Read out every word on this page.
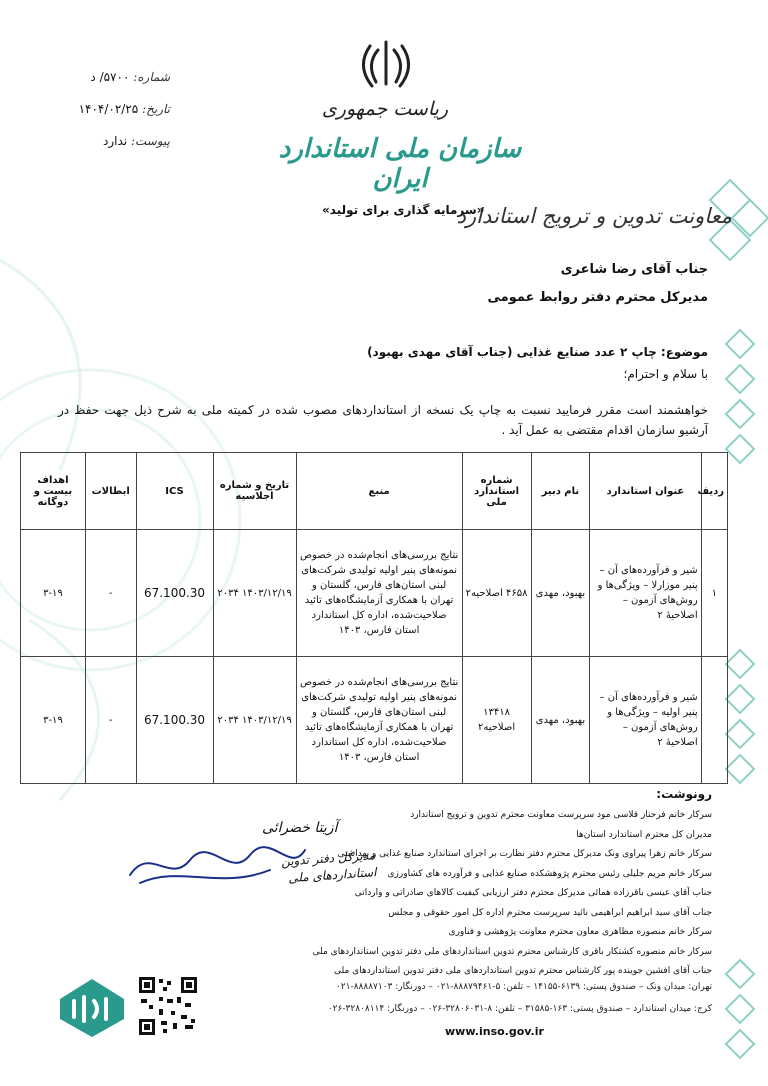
شماره: ۵۷۰۰/ د
تاریخ: ۱۴۰۴/۰۲/۲۵
پیوست: ندارد
ریاست جمهوری
سازمان ملی استاندارد ایران
معاونت تدوین و ترویج استاندارد
«سرمایه گذاری برای تولید»
جناب آقای رضا شاعری
مدیرکل محترم دفتر روابط عمومی
موضوع: چاپ ۲ عدد صنایع غذایی (جناب آقای مهدی بهبود)
با سلام و احترام؛
خواهشمند است مقرر فرمایید نسبت به چاپ یک نسخه از استانداردهای مصوب شده در کمیته ملی به شرح ذیل جهت حفظ در آرشیو سازمان اقدام مقتضی به عمل آید .
ردیف	عنوان استاندارد	نام دبیر	شماره استاندارد ملی	منبع	تاریخ و شماره اجلاسیه	ICS	ابطالات	اهداف بیست و دوگانه
۱	شیر و فرآورده‌های آن – پنیر موزارلا – ویژگی‌ها و روش‌های آزمون – اصلاحیهٔ ۲	بهبود، مهدی	۴۶۵۸ اصلاحیه۲	نتایج بررسی‌های انجام‌شده در خصوص نمونه‌های پنیر اولیه تولیدی شرکت‌های لبنی استان‌های فارس، گلستان و تهران با همکاری آزمایشگاه‌های تائید صلاحیت‌شده، اداره کل استاندارد استان فارس، ۱۴۰۳	۱۴۰۳/۱۲/۱۹ ۲۰۳۴	67.100.30	-	۳-۱۹
	شیر و فرآورده‌های آن – پنیر اولیه – ویژگی‌ها و روش‌های آزمون – اصلاحیهٔ ۲	بهبود، مهدی	۱۳۴۱۸ اصلاحیه۲	نتایج بررسی‌های انجام‌شده در خصوص نمونه‌های پنیر اولیه تولیدی شرکت‌های لبنی استان‌های فارس، گلستان و تهران با همکاری آزمایشگاه‌های تائید صلاحیت‌شده، اداره کل استاندارد استان فارس، ۱۴۰۳	۱۴۰۳/۱۲/۱۹ ۲۰۳۴	67.100.30	-	۳-۱۹
رونوشت:
سرکار خانم فرحناز قلاسی مود سرپرست معاونت محترم تدوین و ترویج استاندارد
مدیران کل محترم استاندارد استان‌ها
سرکار خانم زهرا پیراوی ونک مدیرکل محترم دفتر نظارت بر اجرای استاندارد صنایع غذایی و بهداشتی
سرکار خانم مریم جلیلی رئیس محترم پژوهشکده صنایع غذایی و فرآورده های کشاورزی
جناب آقای عیسی باقرزاده همائی مدیرکل محترم دفتر ارزیابی کیفیت کالاهای صادراتی و وارداتی
جناب آقای سید ابراهیم ابراهیمی نائید سرپرست محترم اداره کل امور حقوقی و مجلس
سرکار خانم منصوره مظاهری معاون محترم معاونت پژوهشی و فناوری
سرکار خانم منصوره کشتکار باقری کارشناس محترم تدوین استانداردهای ملی دفتر تدوین استانداردهای ملی
جناب آقای افشین جوینده پور کارشناس محترم تدوین استانداردهای ملی دفتر تدوین استانداردهای ملی
آزیتا خضرائی
مدیرکل دفتر تدوین استانداردهای ملی
تهران: میدان ونک – صندوق پستی: ۶۱۳۹-۱۴۱۵۵ – تلفن: ۵-۸۸۸۷۹۴۶۱-۰۲۱ – دورنگار: ۸۸۸۸۷۱۰۳-۰۲۱
کرج: میدان استاندارد – صندوق پستی: ۱۶۳-۳۱۵۸۵ – تلفن: ۸-۳۲۸۰۶۰۳۱-۰۲۶ – دورنگار: ۳۲۸۰۸۱۱۴-۰۲۶
www.inso.gov.ir
